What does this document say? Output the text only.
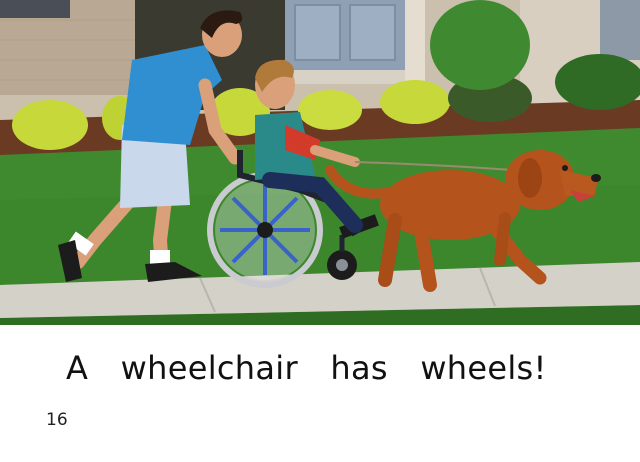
A wheelchair has wheels!
16
